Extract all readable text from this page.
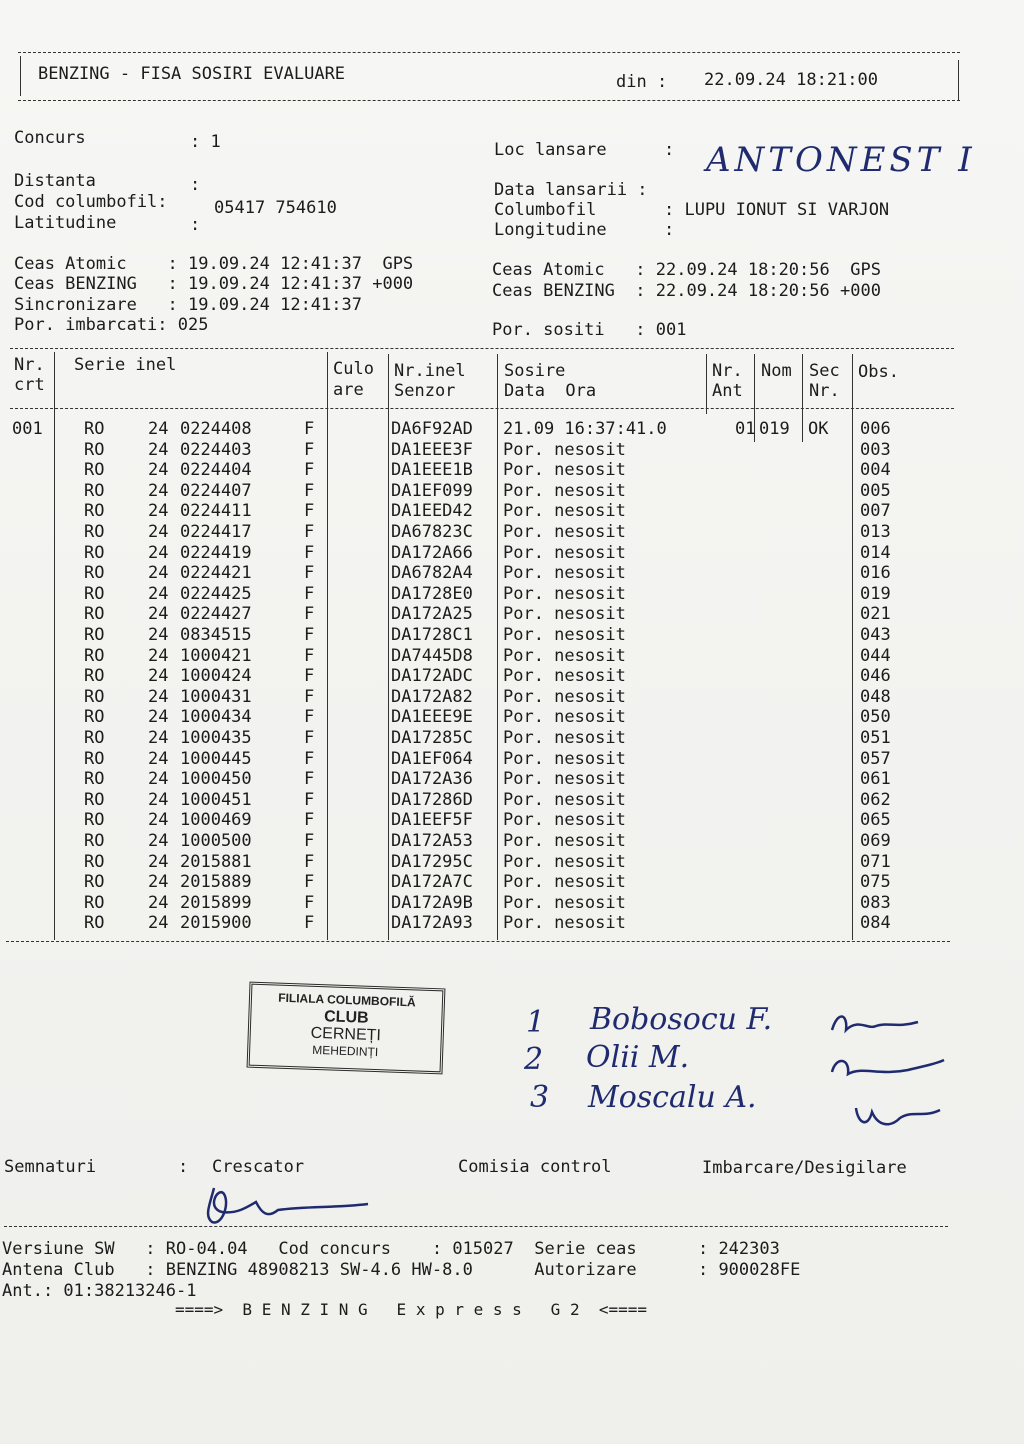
BENZING - FISA SOSIRI EVALUARE	din : 22.09.24 18:21:00
Concurs	: 1
Distanta	:
Cod columbofil:	05417 754610
Latitudine	:
Loc lansare	: ANTONEST I
Data lansarii :
Columbofil	: LUPU IONUT SI VARJON
Longitudine	:
Ceas Atomic    : 19.09.24 12:41:37  GPS
Ceas BENZING   : 19.09.24 12:41:37 +000
Sincronizare   : 19.09.24 12:41:37
Por. imbarcati: 025
Ceas Atomic   : 22.09.24 18:20:56  GPS
Ceas BENZING  : 22.09.24 18:20:56 +000
Por. sositi   : 001
Nr.
crt
Serie inel	Culo
are
Nr.inel
Senzor
Sosire
Data  Ora
Nr.
Ant
Nom Sec
Nr.
Obs.
001 RO	24 0224408	F	DA6F92AD 21.09 16:37:41.0	01 019 OK 006
RO	24 0224403	F	DA1EEE3F Por. nesosit	003
RO	24 0224404	F	DA1EEE1B Por. nesosit	004
RO	24 0224407	F	DA1EF099 Por. nesosit	005
RO	24 0224411	F	DA1EED42 Por. nesosit	007
RO	24 0224417	F	DA67823C Por. nesosit	013
RO	24 0224419	F	DA172A66 Por. nesosit	014
RO	24 0224421	F	DA6782A4 Por. nesosit	016
RO	24 0224425	F	DA1728E0 Por. nesosit	019
RO	24 0224427	F	DA172A25 Por. nesosit	021
RO	24 0834515	F	DA1728C1 Por. nesosit	043
RO	24 1000421	F	DA7445D8 Por. nesosit	044
RO	24 1000424	F	DA172ADC Por. nesosit	046
RO	24 1000431	F	DA172A82 Por. nesosit	048
RO	24 1000434	F	DA1EEE9E Por. nesosit	050
RO	24 1000435	F	DA17285C Por. nesosit	051
RO	24 1000445	F	DA1EF064 Por. nesosit	057
RO	24 1000450	F	DA172A36 Por. nesosit	061
RO	24 1000451	F	DA17286D Por. nesosit	062
RO	24 1000469	F	DA1EEF5F Por. nesosit	065
RO	24 1000500	F	DA172A53 Por. nesosit	069
RO	24 2015881	F	DA17295C Por. nesosit	071
RO	24 2015889	F	DA172A7C Por. nesosit	075
RO	24 2015899	F	DA172A9B Por. nesosit	083
RO	24 2015900	F	DA172A93 Por. nesosit	084
FILIALA COLUMBOFILĂ
CLUB
CERNEȚI
MEHEDINȚI
1 Bobosocu F.
2 Olii M.
3 Moscalu A.
Semnaturi	: Crescator	Comisia control	Imbarcare/Desigilare
Versiune SW   : RO-04.04   Cod concurs    : 015027  Serie ceas      : 242303
Antena Club   : BENZING 48908213 SW-4.6 HW-8.0      Autorizare      : 900028FE
Ant.: 01:38213246-1
====>  B E N Z I N G   E x p r e s s   G 2  <====
